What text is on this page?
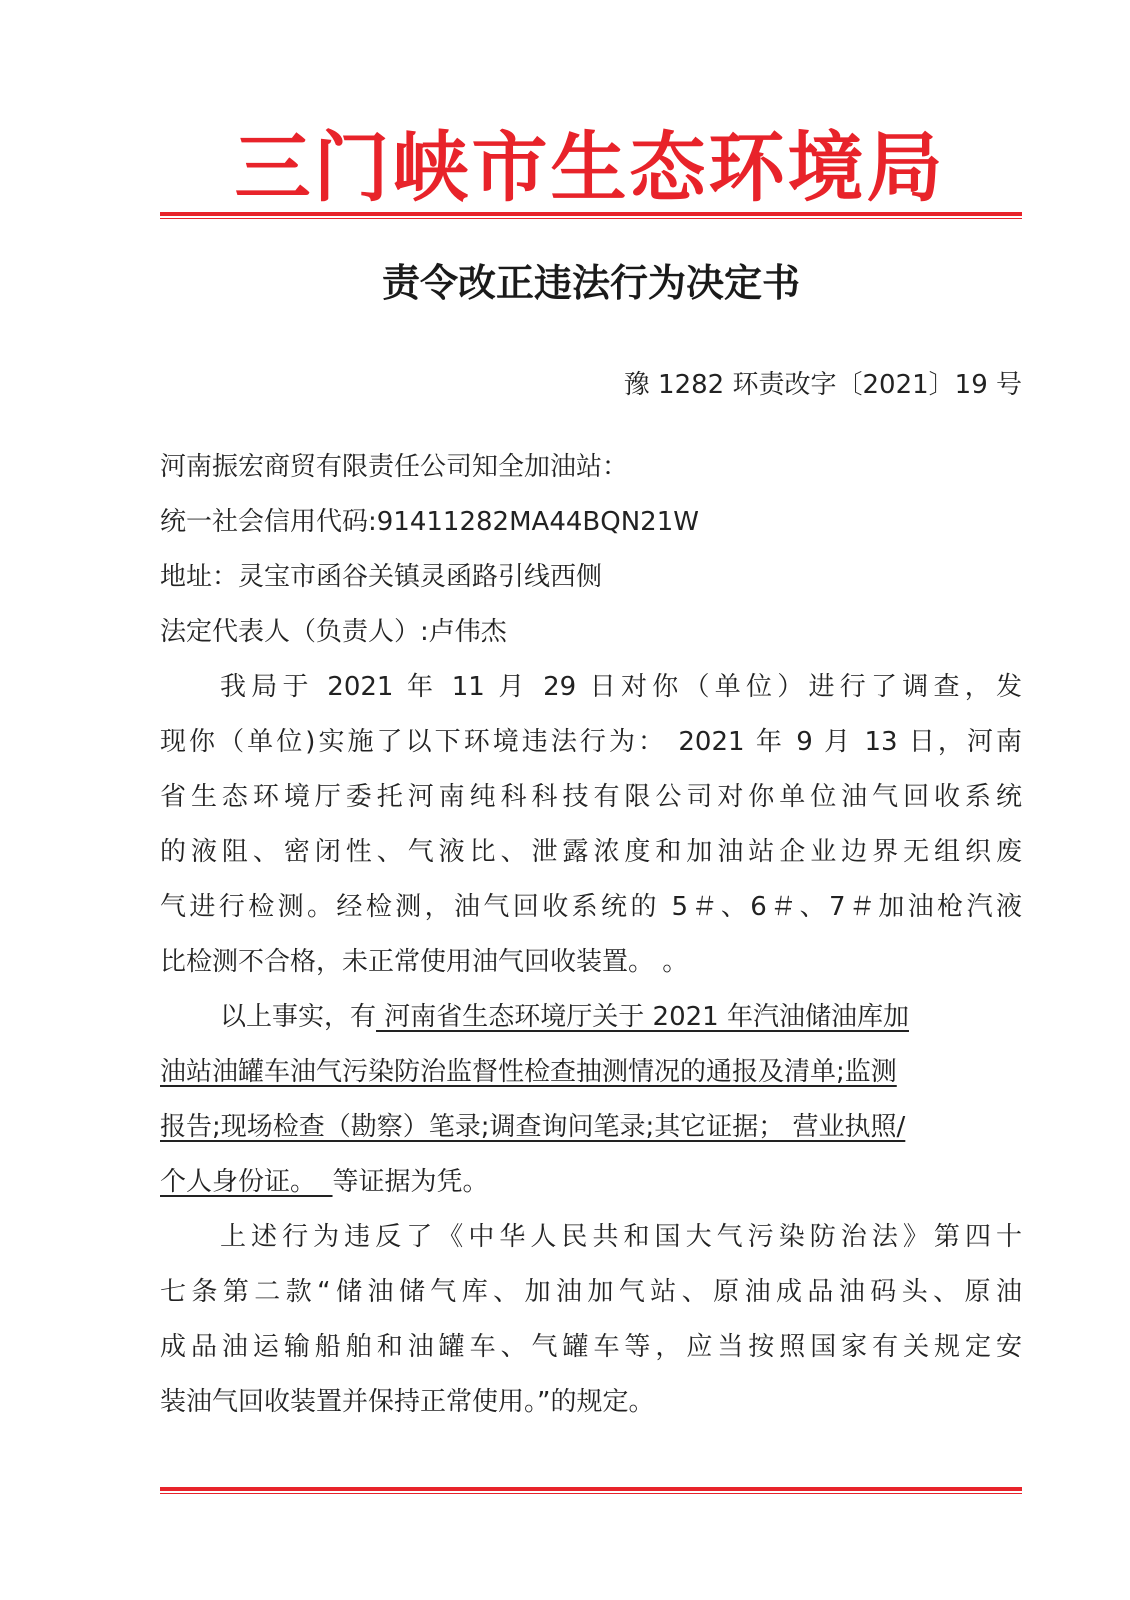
三门峡市生态环境局
责令改正违法行为决定书
豫 1282 环责改字〔2021〕19 号
河南振宏商贸有限责任公司知全加油站：
统一社会信用代码:91411282MA44BQN21W
地址：灵宝市函谷关镇灵函路引线西侧
法定代表人（负责人）:卢伟杰
我局于 2021 年 11 月 29 日对你（单位）进行了调查，发
现你（单位)实施了以下环境违法行为： 2021 年 9 月 13 日，河南
省生态环境厅委托河南纯科科技有限公司对你单位油气回收系统
的液阻、密闭性、气液比、泄露浓度和加油站企业边界无组织废
气进行检测。经检测，油气回收系统的 5＃、6＃、7＃加油枪汽液
比检测不合格，未正常使用油气回收装置。 。
以上事实，有 河南省生态环境厅关于 2021 年汽油储油库加
油站油罐车油气污染防治监督性检查抽测情况的通报及清单;监测
报告;现场检查（勘察）笔录;调查询问笔录;其它证据； 营业执照/
个人身份证。  等证据为凭。
上述行为违反了《中华人民共和国大气污染防治法》第四十
七条第二款“储油储气库、加油加气站、原油成品油码头、原油
成品油运输船舶和油罐车、气罐车等，应当按照国家有关规定安
装油气回收装置并保持正常使用。”的规定。
